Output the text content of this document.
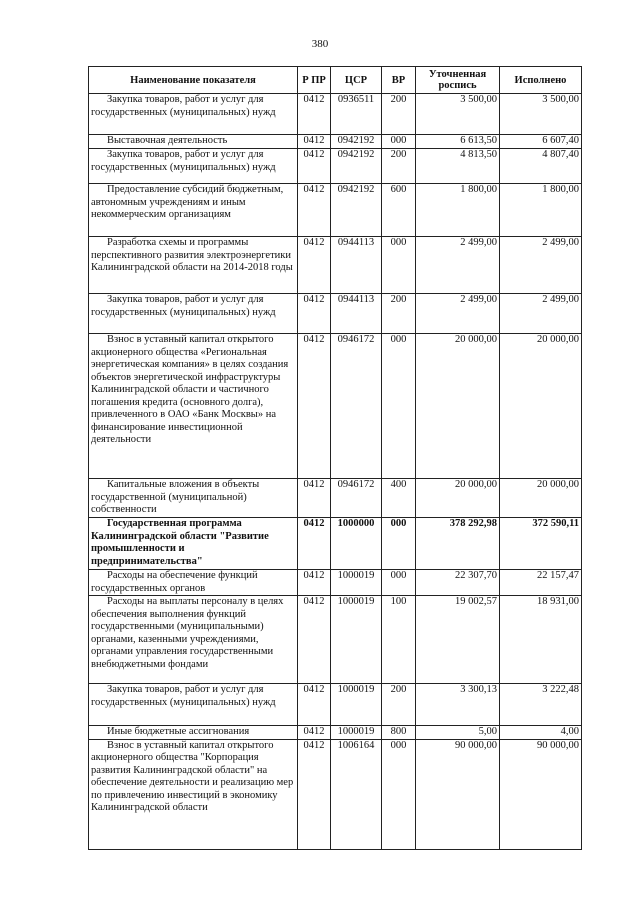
380
Наименование показателя	Р ПР	ЦСР	ВР	Уточненная роспись	Исполнено
Закупка товаров, работ и услуг для государственных (муниципальных) нужд	0412	0936511	200	3 500,00	3 500,00
Выставочная деятельность	0412	0942192	000	6 613,50	6 607,40
Закупка товаров, работ и услуг для государственных (муниципальных) нужд	0412	0942192	200	4 813,50	4 807,40
Предоставление субсидий бюджетным, автономным учреждениям и иным некоммерческим организациям	0412	0942192	600	1 800,00	1 800,00
Разработка схемы и программы перспективного развития электроэнергетики Калининградской области на 2014-2018 годы	0412	0944113	000	2 499,00	2 499,00
Закупка товаров, работ и услуг для государственных (муниципальных) нужд	0412	0944113	200	2 499,00	2 499,00
Взнос в уставный капитал открытого акционерного общества «Региональная энергетическая компания» в целях создания объектов энергетической инфраструктуры Калининградской области и частичного погашения кредита (основного долга), привлеченного в ОАО «Банк Москвы» на финансирование инвестиционной деятельности	0412	0946172	000	20 000,00	20 000,00
Капитальные вложения в объекты государственной (муниципальной) собственности	0412	0946172	400	20 000,00	20 000,00
Государственная программа Калининградской области "Развитие промышленности и предпринимательства"	0412	1000000	000	378 292,98	372 590,11
Расходы на обеспечение функций государственных органов	0412	1000019	000	22 307,70	22 157,47
Расходы на выплаты персоналу в целях обеспечения выполнения функций государственными (муниципальными) органами, казенными учреждениями, органами управления государственными внебюджетными фондами	0412	1000019	100	19 002,57	18 931,00
Закупка товаров, работ и услуг для государственных (муниципальных) нужд	0412	1000019	200	3 300,13	3 222,48
Иные бюджетные ассигнования	0412	1000019	800	5,00	4,00
Взнос в уставный капитал открытого акционерного общества "Корпорация развития Калининградской области" на обеспечение деятельности и реализацию мер по привлечению инвестиций в экономику Калининградской области	0412	1006164	000	90 000,00	90 000,00
